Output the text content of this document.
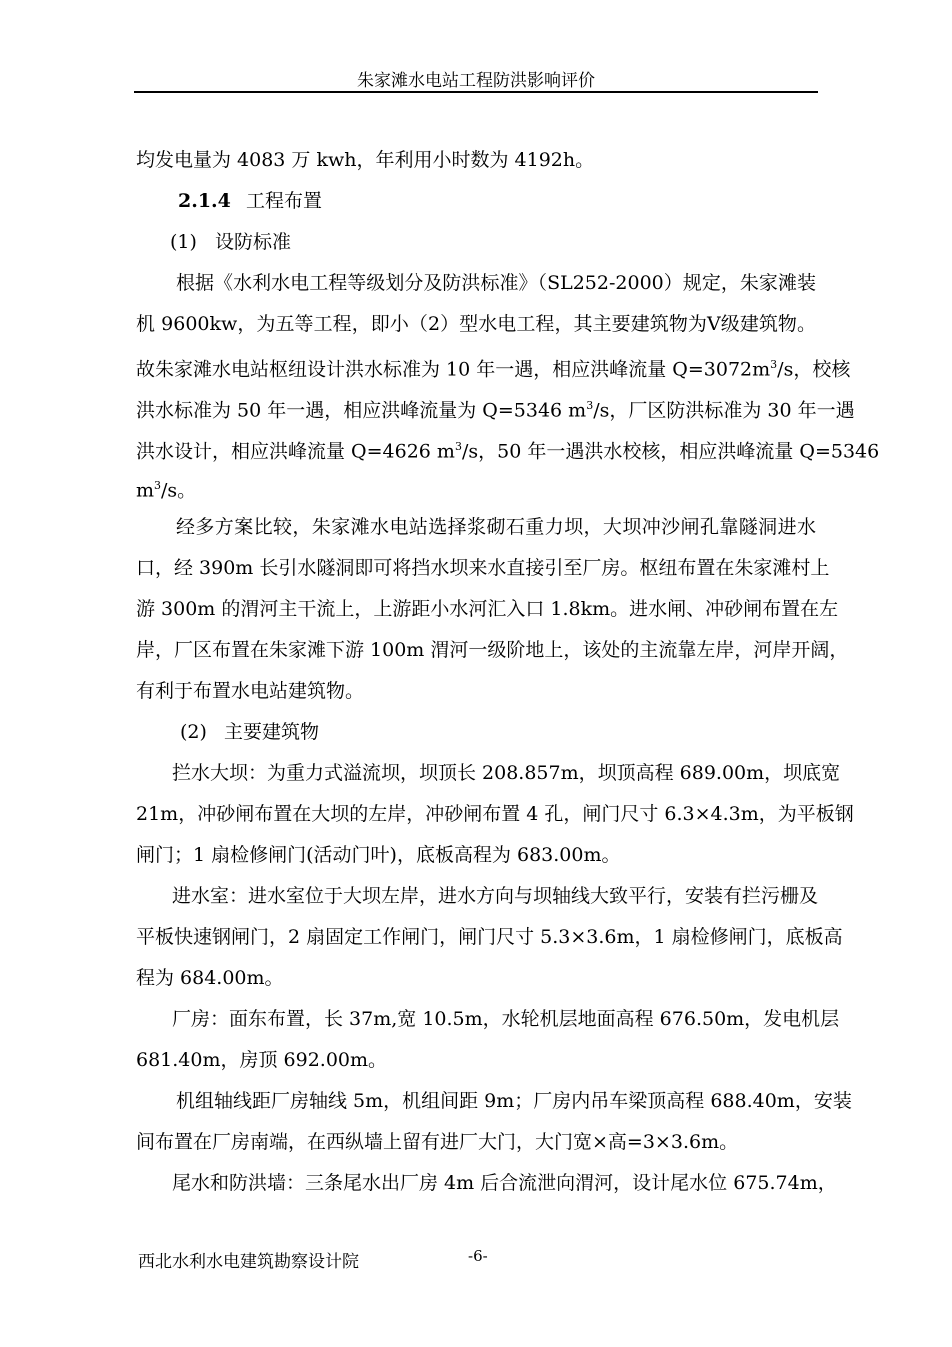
朱家滩水电站工程防洪影响评价
均发电量为 4083 万 kwh，年利用小时数为 4192h。
2.1.4 工程布置
(1) 设防标准
根据《水利水电工程等级划分及防洪标准》（SL252-2000）规定，朱家滩装
机 9600kw，为五等工程，即小（2）型水电工程，其主要建筑物为Ⅴ级建筑物。
故朱家滩水电站枢纽设计洪水标准为 10 年一遇，相应洪峰流量 $Q=3072m^3/s$，校核
洪水标准为 50 年一遇，相应洪峰流量为 Q=5346 $m^3/s$，厂区防洪标准为 30 年一遇
洪水设计，相应洪峰流量 Q=4626 $m^3/s$，50 年一遇洪水校核，相应洪峰流量 Q=5346
$m^3/s$。
经多方案比较，朱家滩水电站选择浆砌石重力坝，大坝冲沙闸孔靠隧洞进水
口，经 390m 长引水隧洞即可将挡水坝来水直接引至厂房。枢纽布置在朱家滩村上
游 300m 的渭河主干流上，上游距小水河汇入口 1.8km。进水闸、冲砂闸布置在左
岸，厂区布置在朱家滩下游 100m 渭河一级阶地上，该处的主流靠左岸，河岸开阔，
有利于布置水电站建筑物。
(2) 主要建筑物
拦水大坝：为重力式溢流坝，坝顶长 208.857m，坝顶高程 689.00m，坝底宽
21m，冲砂闸布置在大坝的左岸，冲砂闸布置 4 孔，闸门尺寸 6.3×4.3m，为平板钢
闸门；1 扇检修闸门(活动门叶)，底板高程为 683.00m。
进水室：进水室位于大坝左岸，进水方向与坝轴线大致平行，安装有拦污栅及
平板快速钢闸门，2 扇固定工作闸门，闸门尺寸 5.3×3.6m，1 扇检修闸门，底板高
程为 684.00m。
厂房：面东布置，长 37m,宽 10.5m，水轮机层地面高程 676.50m，发电机层
681.40m，房顶 692.00m。
机组轴线距厂房轴线 5m，机组间距 9m；厂房内吊车梁顶高程 688.40m，安装
间布置在厂房南端，在西纵墙上留有进厂大门，大门宽×高=3×3.6m。
尾水和防洪墙：三条尾水出厂房 4m 后合流泄向渭河，设计尾水位 675.74m，
西北水利水电建筑勘察设计院	-6-
